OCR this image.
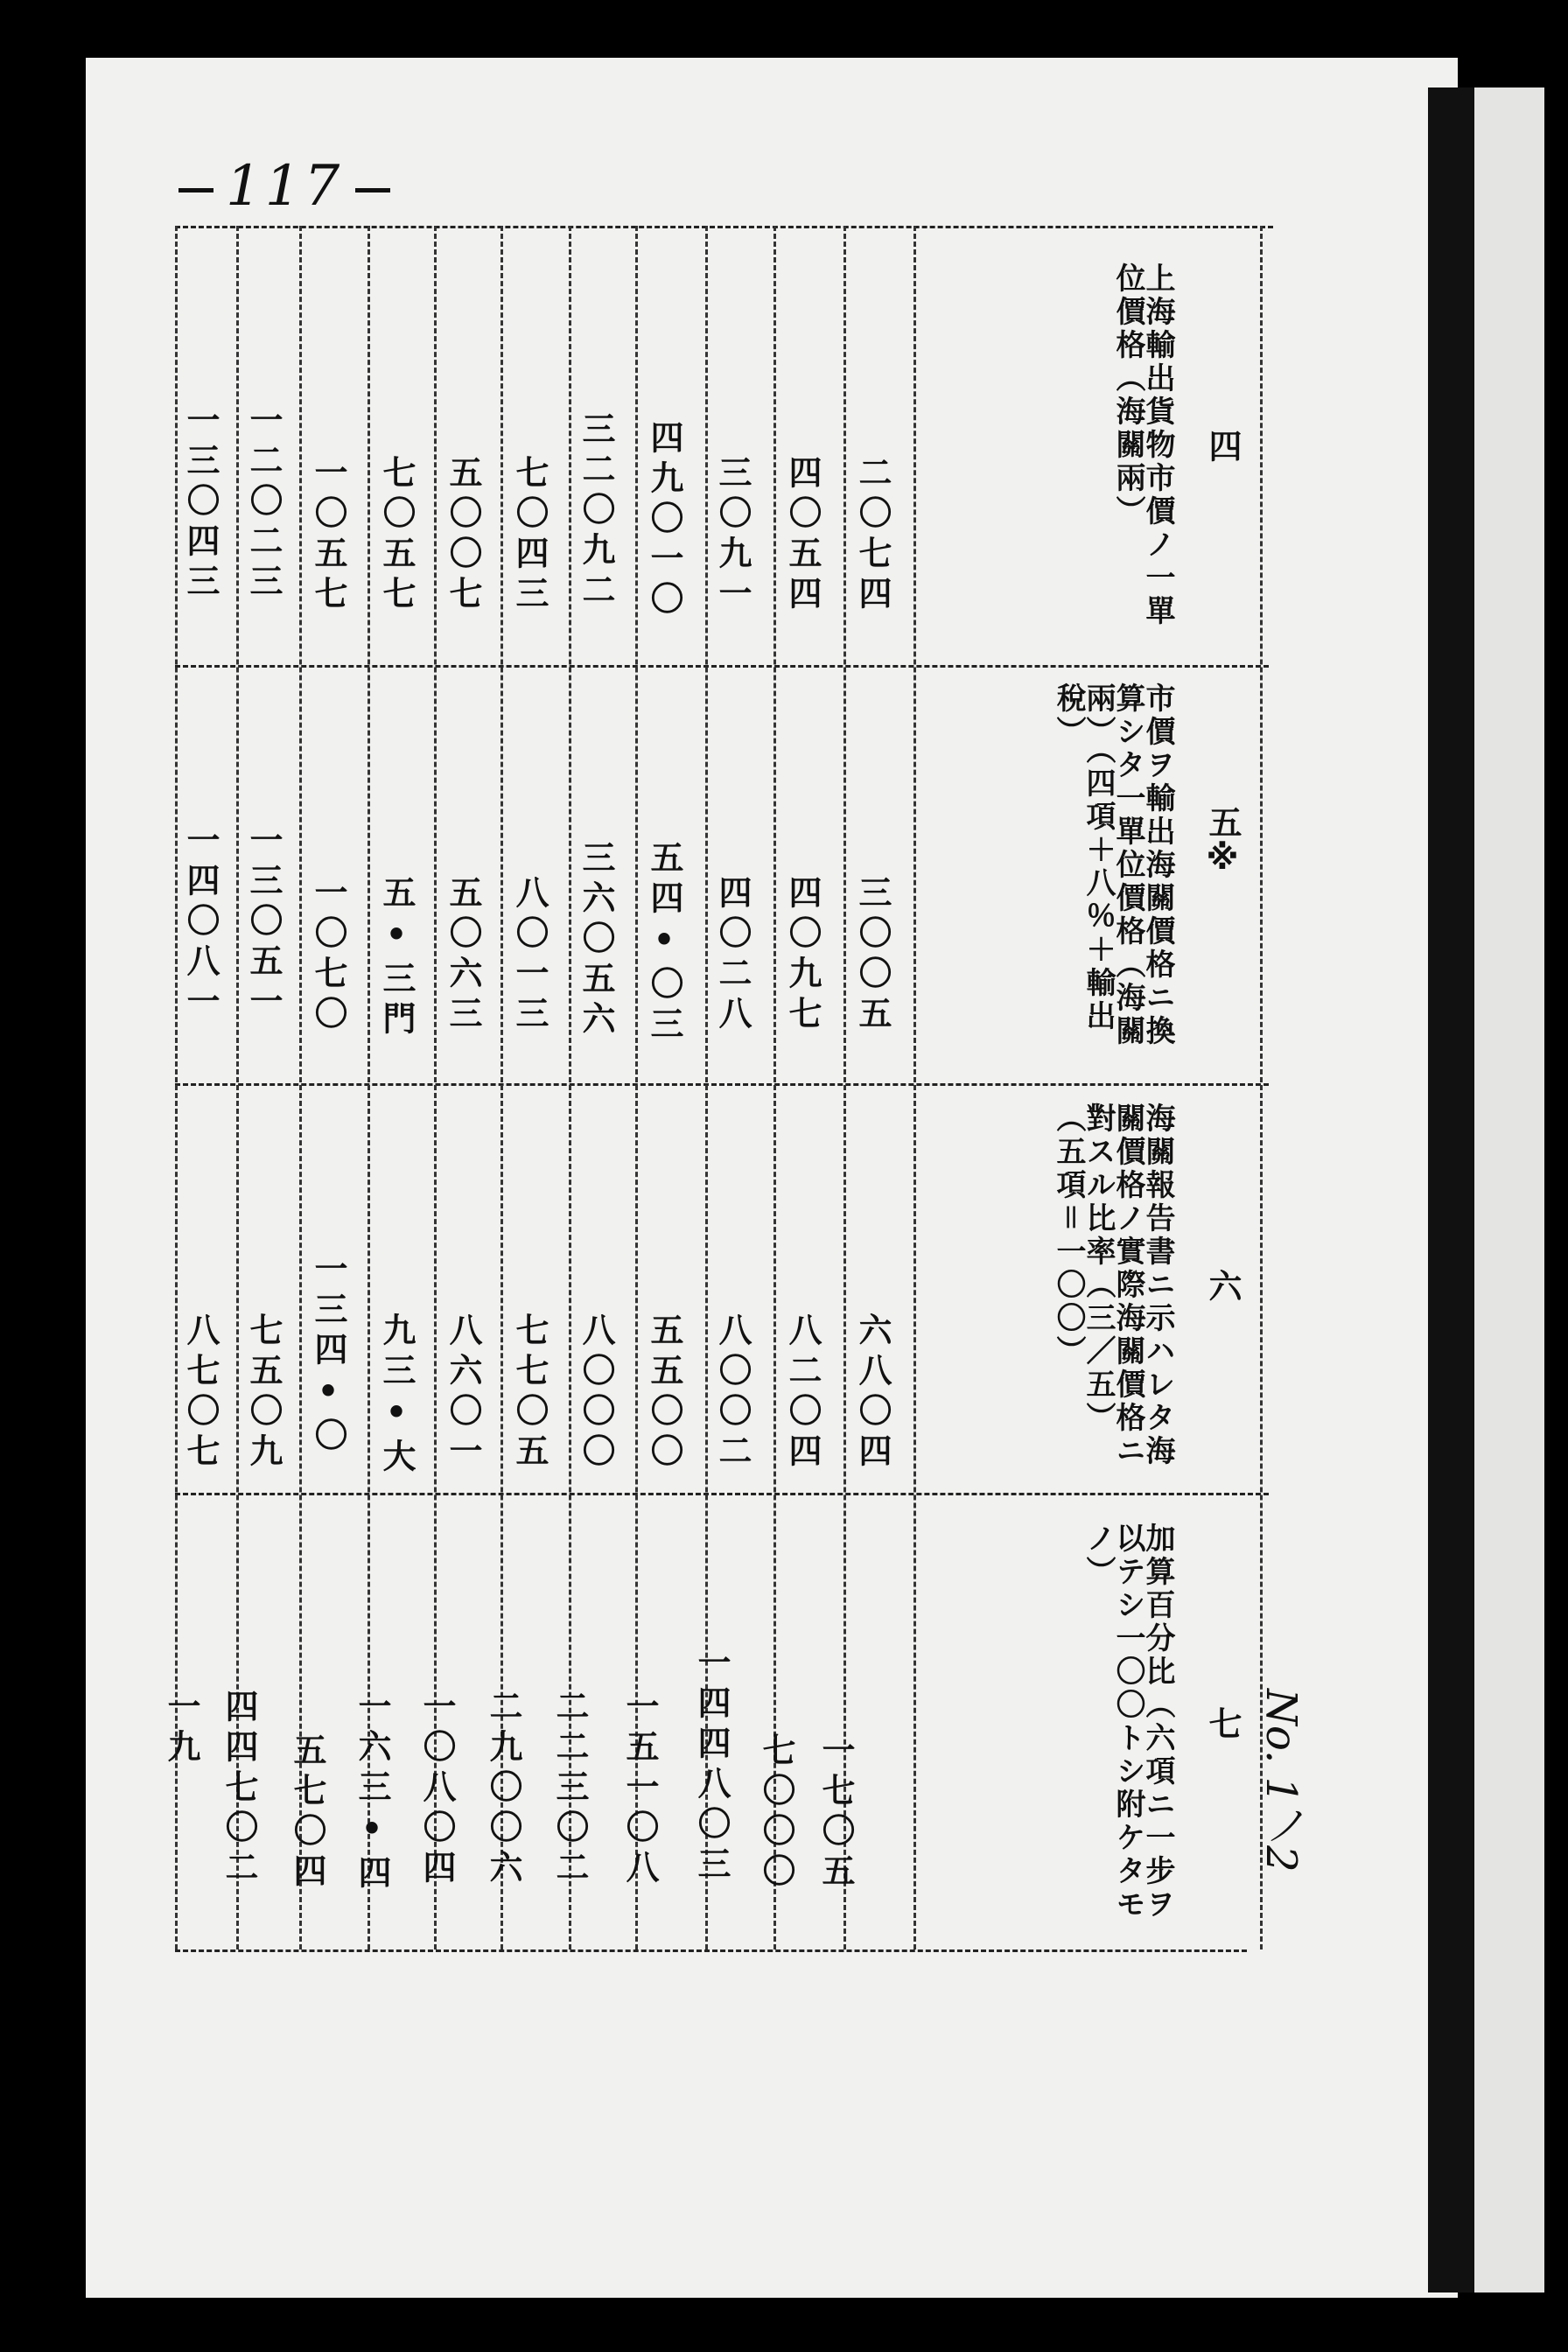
117
四
上海輸出貨物市價ノ一單位價格（海關兩）
五※
市價ヲ輸出海關價格ニ換算シタ一單位價格（海關兩）（四項＋八％＋輸出稅）
六
海關報告書ニ示ハレタ海關價格ノ實際海關價格ニ對スル比率（三／五）（五項＝一〇〇）
七
加算百分比（六項ニ一步ヲ以テシ一〇〇トシ附ケタモノ）
二〇七四
四〇五四
三〇九一
四九〇一〇
三二〇九二
七〇四三
五〇〇七
七〇五七
一〇五七
一二〇二三
一三〇四三
三〇〇五
四〇九七
四〇二八
五四•〇三
三六〇五六
八〇一三
五〇六三
五•三門
一〇七〇
一三〇五一
一四〇八一
六八〇四
八二〇四
八〇〇二
五五〇〇
八〇〇〇
七七〇五
八六〇一
九三•大
一三四•〇
七五〇九
八七〇七
一七〇五
七〇〇〇
一四四八〇三
一五一〇八
二二三〇二
二九〇〇六
一〇八〇四
一六三•四
五七〇四
四四七〇二
一九	No. 1ノ2
